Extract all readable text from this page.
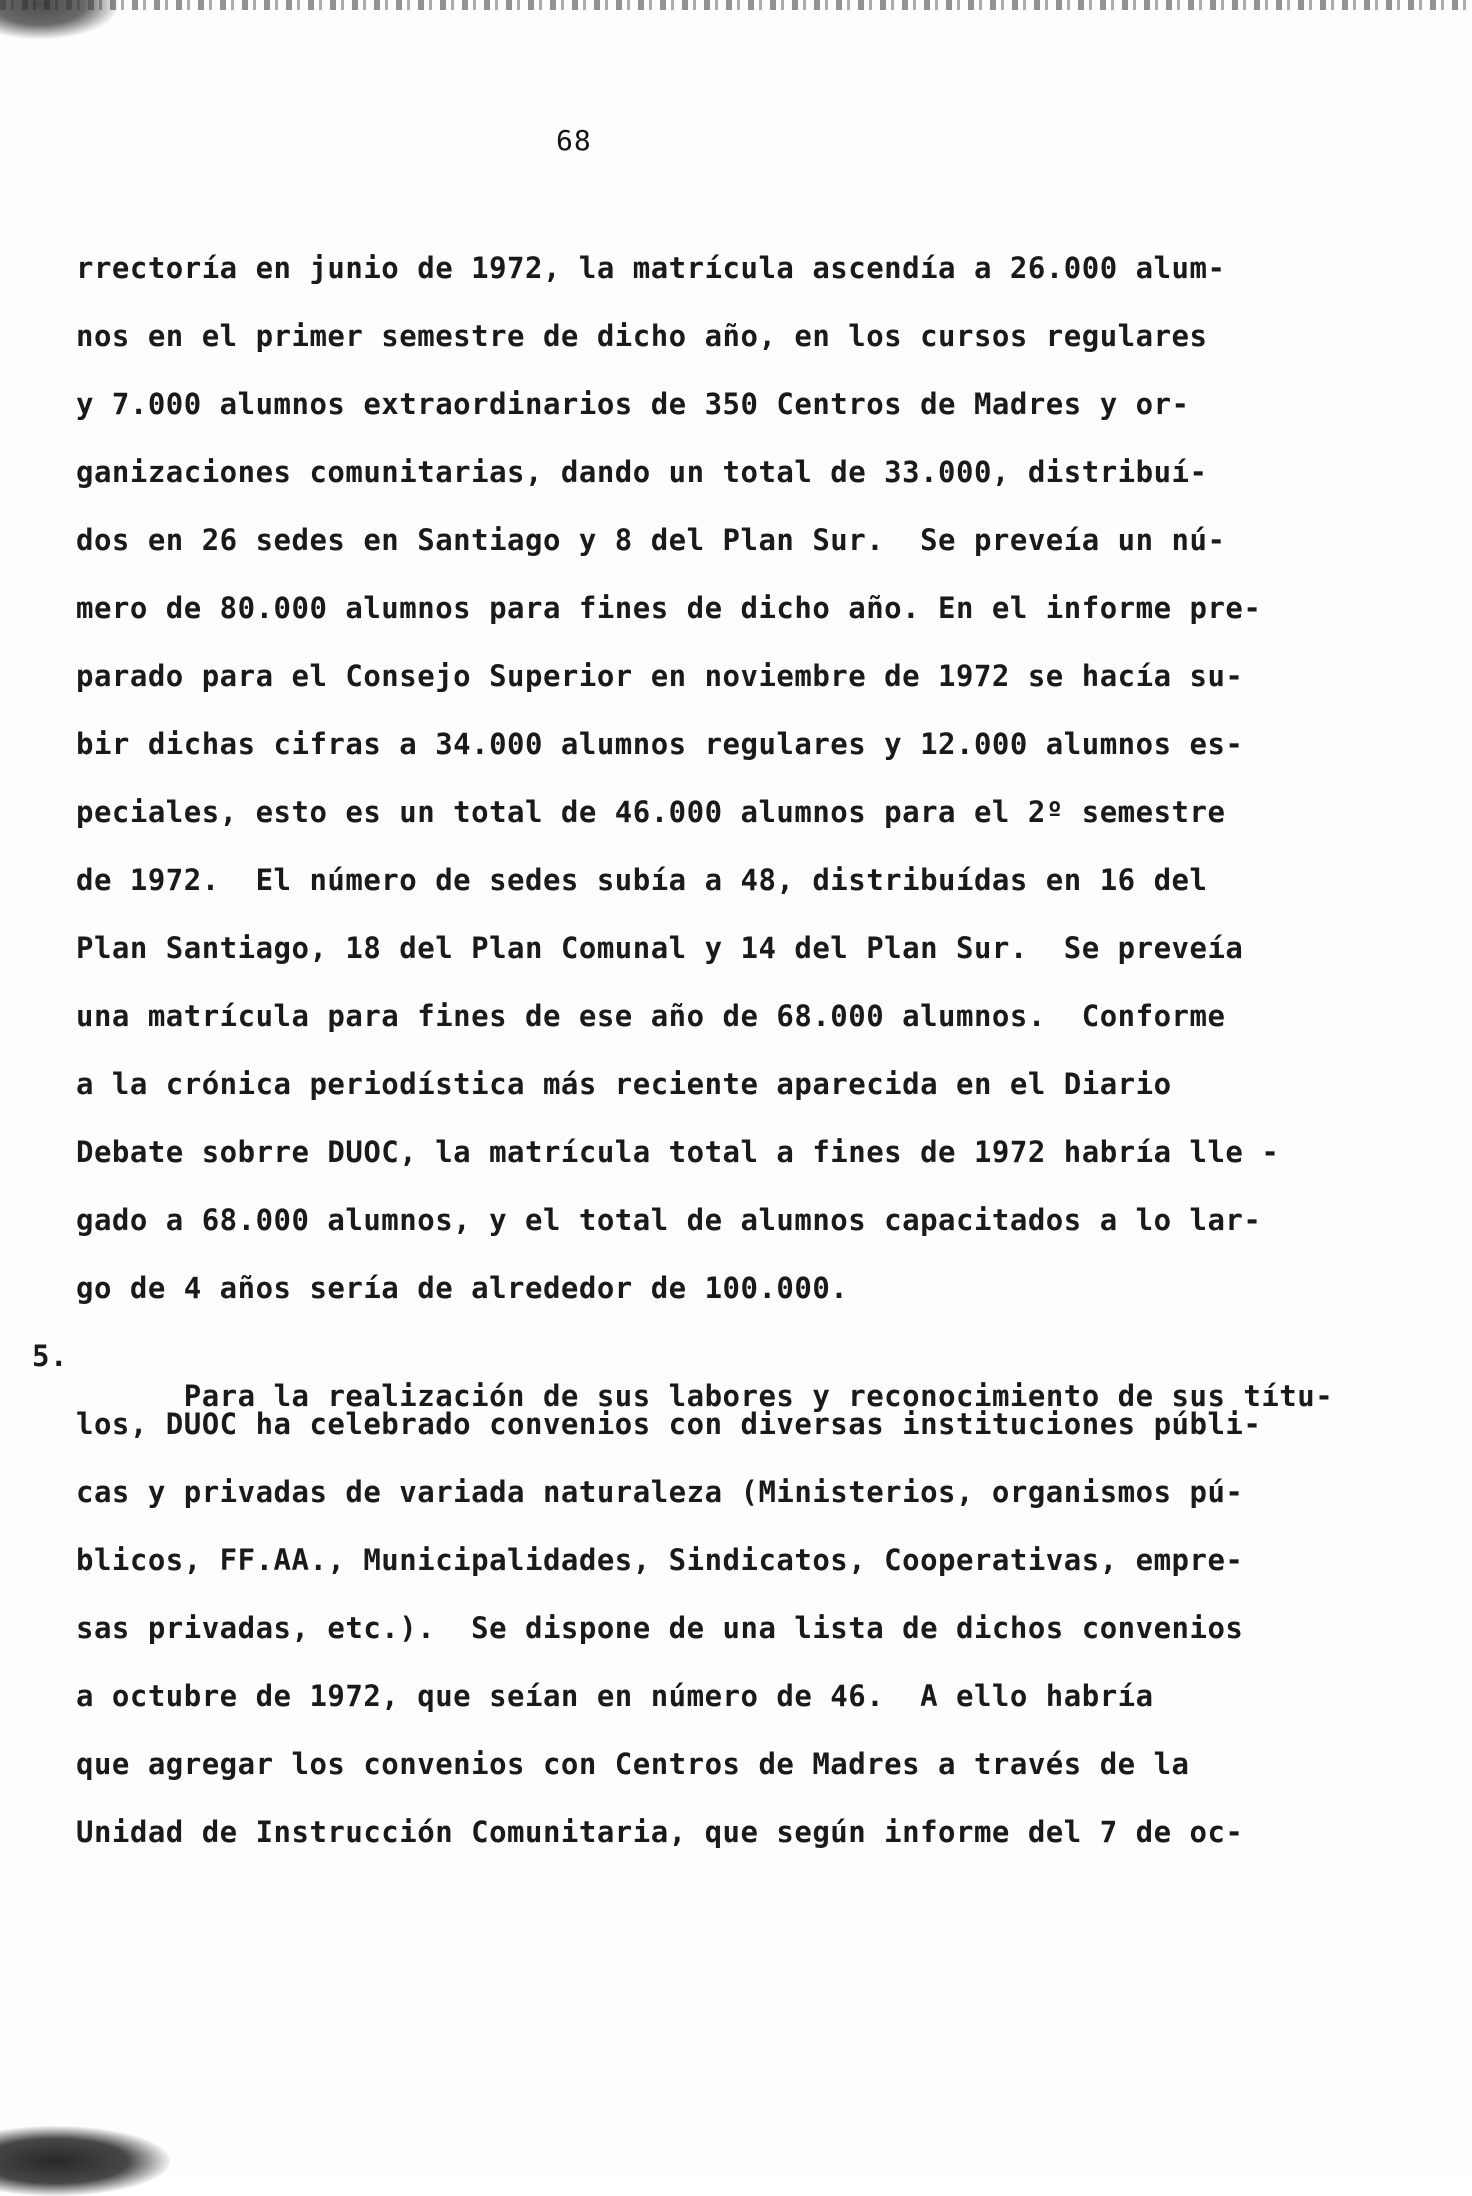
68
rrectoría en junio de 1972, la matrícula ascendía a 26.000 alum-
nos en el primer semestre de dicho año, en los cursos regulares
y 7.000 alumnos extraordinarios de 350 Centros de Madres y or-
ganizaciones comunitarias, dando un total de 33.000, distribuí-
dos en 26 sedes en Santiago y 8 del Plan Sur.  Se preveía un nú-
mero de 80.000 alumnos para fines de dicho año. En el informe pre-
parado para el Consejo Superior en noviembre de 1972 se hacía su-
bir dichas cifras a 34.000 alumnos regulares y 12.000 alumnos es-
peciales, esto es un total de 46.000 alumnos para el 2º semestre
de 1972.  El número de sedes subía a 48, distribuídas en 16 del
Plan Santiago, 18 del Plan Comunal y 14 del Plan Sur.  Se preveía
una matrícula para fines de ese año de 68.000 alumnos.  Conforme
a la crónica periodística más reciente aparecida en el Diario
Debate sobrre DUOC, la matrícula total a fines de 1972 habría lle -
gado a 68.000 alumnos, y el total de alumnos capacitados a lo lar-
go de 4 años sería de alrededor de 100.000.

5.
Para la realización de sus labores y reconocimiento de sus títu-

los, DUOC ha celebrado convenios con diversas instituciones públi-
cas y privadas de variada naturaleza (Ministerios, organismos pú-
blicos, FF.AA., Municipalidades, Sindicatos, Cooperativas, empre-
sas privadas, etc.).  Se dispone de una lista de dichos convenios
a octubre de 1972, que seían en número de 46.  A ello habría
que agregar los convenios con Centros de Madres a través de la
Unidad de Instrucción Comunitaria, que según informe del 7 de oc-
